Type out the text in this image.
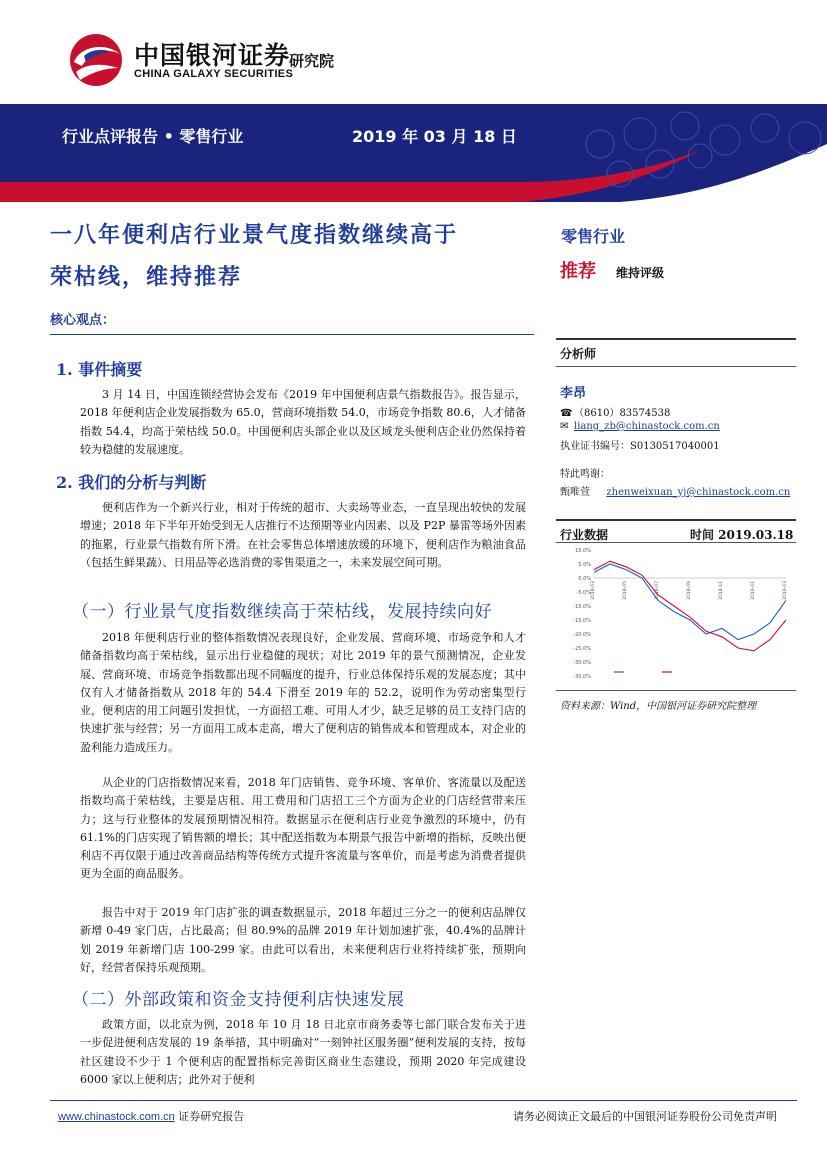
中国银河证券
CHINA GALAXY SECURITIES
研究院
行业点评报告 • 零售行业	2019 年 03 月 18 日
一八年便利店行业景气度指数继续高于
荣枯线，维持推荐
核心观点：
1. 事件摘要
3 月 14 日，中国连锁经营协会发布《2019 年中国便利店景气指数报告》。报告显示，2018 年便利店企业发展指数为 65.0，营商环境指数 54.0，市场竞争指数 80.6，人才储备指数 54.4，均高于荣枯线 50.0。中国便利店头部企业以及区域龙头便利店企业仍然保持着较为稳健的发展速度。
2. 我们的分析与判断
便利店作为一个新兴行业，相对于传统的超市、大卖场等业态，一直呈现出较快的发展增速；2018 年下半年开始受到无人店推行不达预期等业内因素、以及 P2P 暴雷等场外因素的拖累，行业景气指数有所下滑。在社会零售总体增速放缓的环境下，便利店作为粮油食品（包括生鲜果蔬）、日用品等必选消费的零售渠道之一，未来发展空间可期。
（一）行业景气度指数继续高于荣枯线，发展持续向好
2018 年便利店行业的整体指数情况表现良好，企业发展、营商环境、市场竞争和人才储备指数均高于荣枯线，显示出行业稳健的现状；对比 2019 年的景气预测情况，企业发展、营商环境、市场竞争指数都出现不同幅度的提升，行业总体保持乐观的发展态度；其中仅有人才储备指数从 2018 年的 54.4 下滑至 2019 年的 52.2，说明作为劳动密集型行业，便利店的用工问题引发担忧，一方面招工难、可用人才少，缺乏足够的员工支持门店的快速扩张与经营；另一方面用工成本走高，增大了便利店的销售成本和管理成本，对企业的盈利能力造成压力。
从企业的门店指数情况来看，2018 年门店销售、竞争环境、客单价、客流量以及配送指数均高于荣枯线，主要是店租、用工费用和门店招工三个方面为企业的门店经营带来压力；这与行业整体的发展预期情况相符。数据显示在便利店行业竞争激烈的环境中，仍有 61.1%的门店实现了销售额的增长；其中配送指数为本期景气报告中新增的指标，反映出便利店不再仅限于通过改善商品结构等传统方式提升客流量与客单价，而是考虑为消费者提供更为全面的商品服务。
报告中对于 2019 年门店扩张的调查数据显示，2018 年超过三分之一的便利店品牌仅新增 0-49 家门店，占比最高；但 80.9%的品牌 2019 年计划加速扩张，40.4%的品牌计划 2019 年新增门店 100-299 家。由此可以看出，未来便利店行业将持续扩张，预期向好，经营者保持乐观预期。
（二）外部政策和资金支持便利店快速发展
政策方面，以北京为例，2018 年 10 月 18 日北京市商务委等七部门联合发布关于进一步促进便利店发展的 19 条举措，其中明确对“一刻钟社区服务圈”便利发展的支持，按每社区建设不少于 1 个便利店的配置指标完善街区商业生态建设，预期 2020 年完成建设 6000 家以上便利店；此外对于便利
零售行业
推荐 维持评级
分析师
李昂
☎ （8610）83574538
✉ liang_zb@chinastock.com.cn
执业证书编号：S0130517040001
特此鸣谢：
甄唯萱 zhenweixuan_yj@chinastock.com.cn
行业数据	时间 2019.03.18
10.0%
5.0%
0.0%
-5.0%
-10.0%
-15.0%
-20.0%
-25.0%
-30.0%
-35.0%
2018-03	2018-05	2018-07	2018-09	2018-11	2019-01	2019-03
资料来源：Wind，中国银河证券研究院整理
www.chinastock.com.cn 证券研究报告	请务必阅读正文最后的中国银河证券股份公司免责声明
